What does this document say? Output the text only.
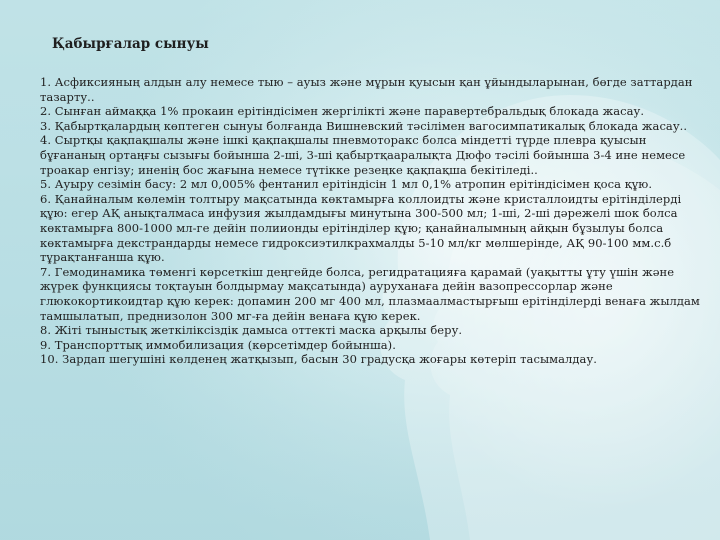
Қабырғалар сынуы
1. Асфиксияның алдын алу немесе тыю – ауыз және мұрын қуысын қан ұйындыларынан, бөгде заттардан тазарту..
2. Сынған аймаққа 1% прокаин ерітіндісімен жергілікті және паравертебральдық блокада жасау.
3. Қабыртқалардың көптеген сынуы болғанда Вишневский тәсілімен вагосимпатикалық блокада жасау..
4. Сыртқы қақпақшалы және ішкі қақпақшалы пневмоторакс болса міндетті түрде плевра қуысын бұғананың ортаңғы сызығы бойынша 2-ші, 3-ші қабыртқааралықта Дюфо тәсілі бойынша 3-4 ине немесе троакар енгізу; иненің бос жағына немесе түтікке резеңке қақпақша бекітіледі..
5. Ауыру сезімін басу: 2 мл 0,005% фентанил ерітіндісін 1 мл 0,1% атропин ерітіндісімен қоса құю.
6. Қанайналым көлемін толтыру мақсатында көктамырға коллоидты және кристаллоидты ерітінділерді құю: егер АҚ анықталмаса инфузия жылдамдығы минутына 300-500 мл; 1-ші, 2-ші дәрежелі шок болса көктамырға 800-1000 мл-ге дейін полиионды ерітінділер құю; қанайналымның айқын бұзылуы болса көктамырға декстрандарды немесе гидроксиэтилкрахмалды 5-10 мл/кг мөлшерінде, АҚ 90-100 мм.с.б тұрақтанғанша құю.
7. Гемодинамика төменгі көрсеткіш деңгейде болса, регидратацияға қарамай (уақытты ұту үшін және жүрек функциясы тоқтауын болдырмау мақсатында) ауруханаға дейін вазопрессорлар және глюкокортикоидтар құю керек: допамин 200 мг 400 мл, плазмаалмастырғыш ерітінділерді венаға жылдам тамшылатып, преднизолон 300 мг-ға дейін венаға құю керек.
8. Жіті тыныстық жеткіліксіздік дамыса оттекті маска арқылы беру.
9. Транспорттық иммобилизация (көрсетімдер бойынша).
10. Зардап шегушіні көлденең жатқызып, басын 30 градусқа жоғары көтеріп тасымалдау.
